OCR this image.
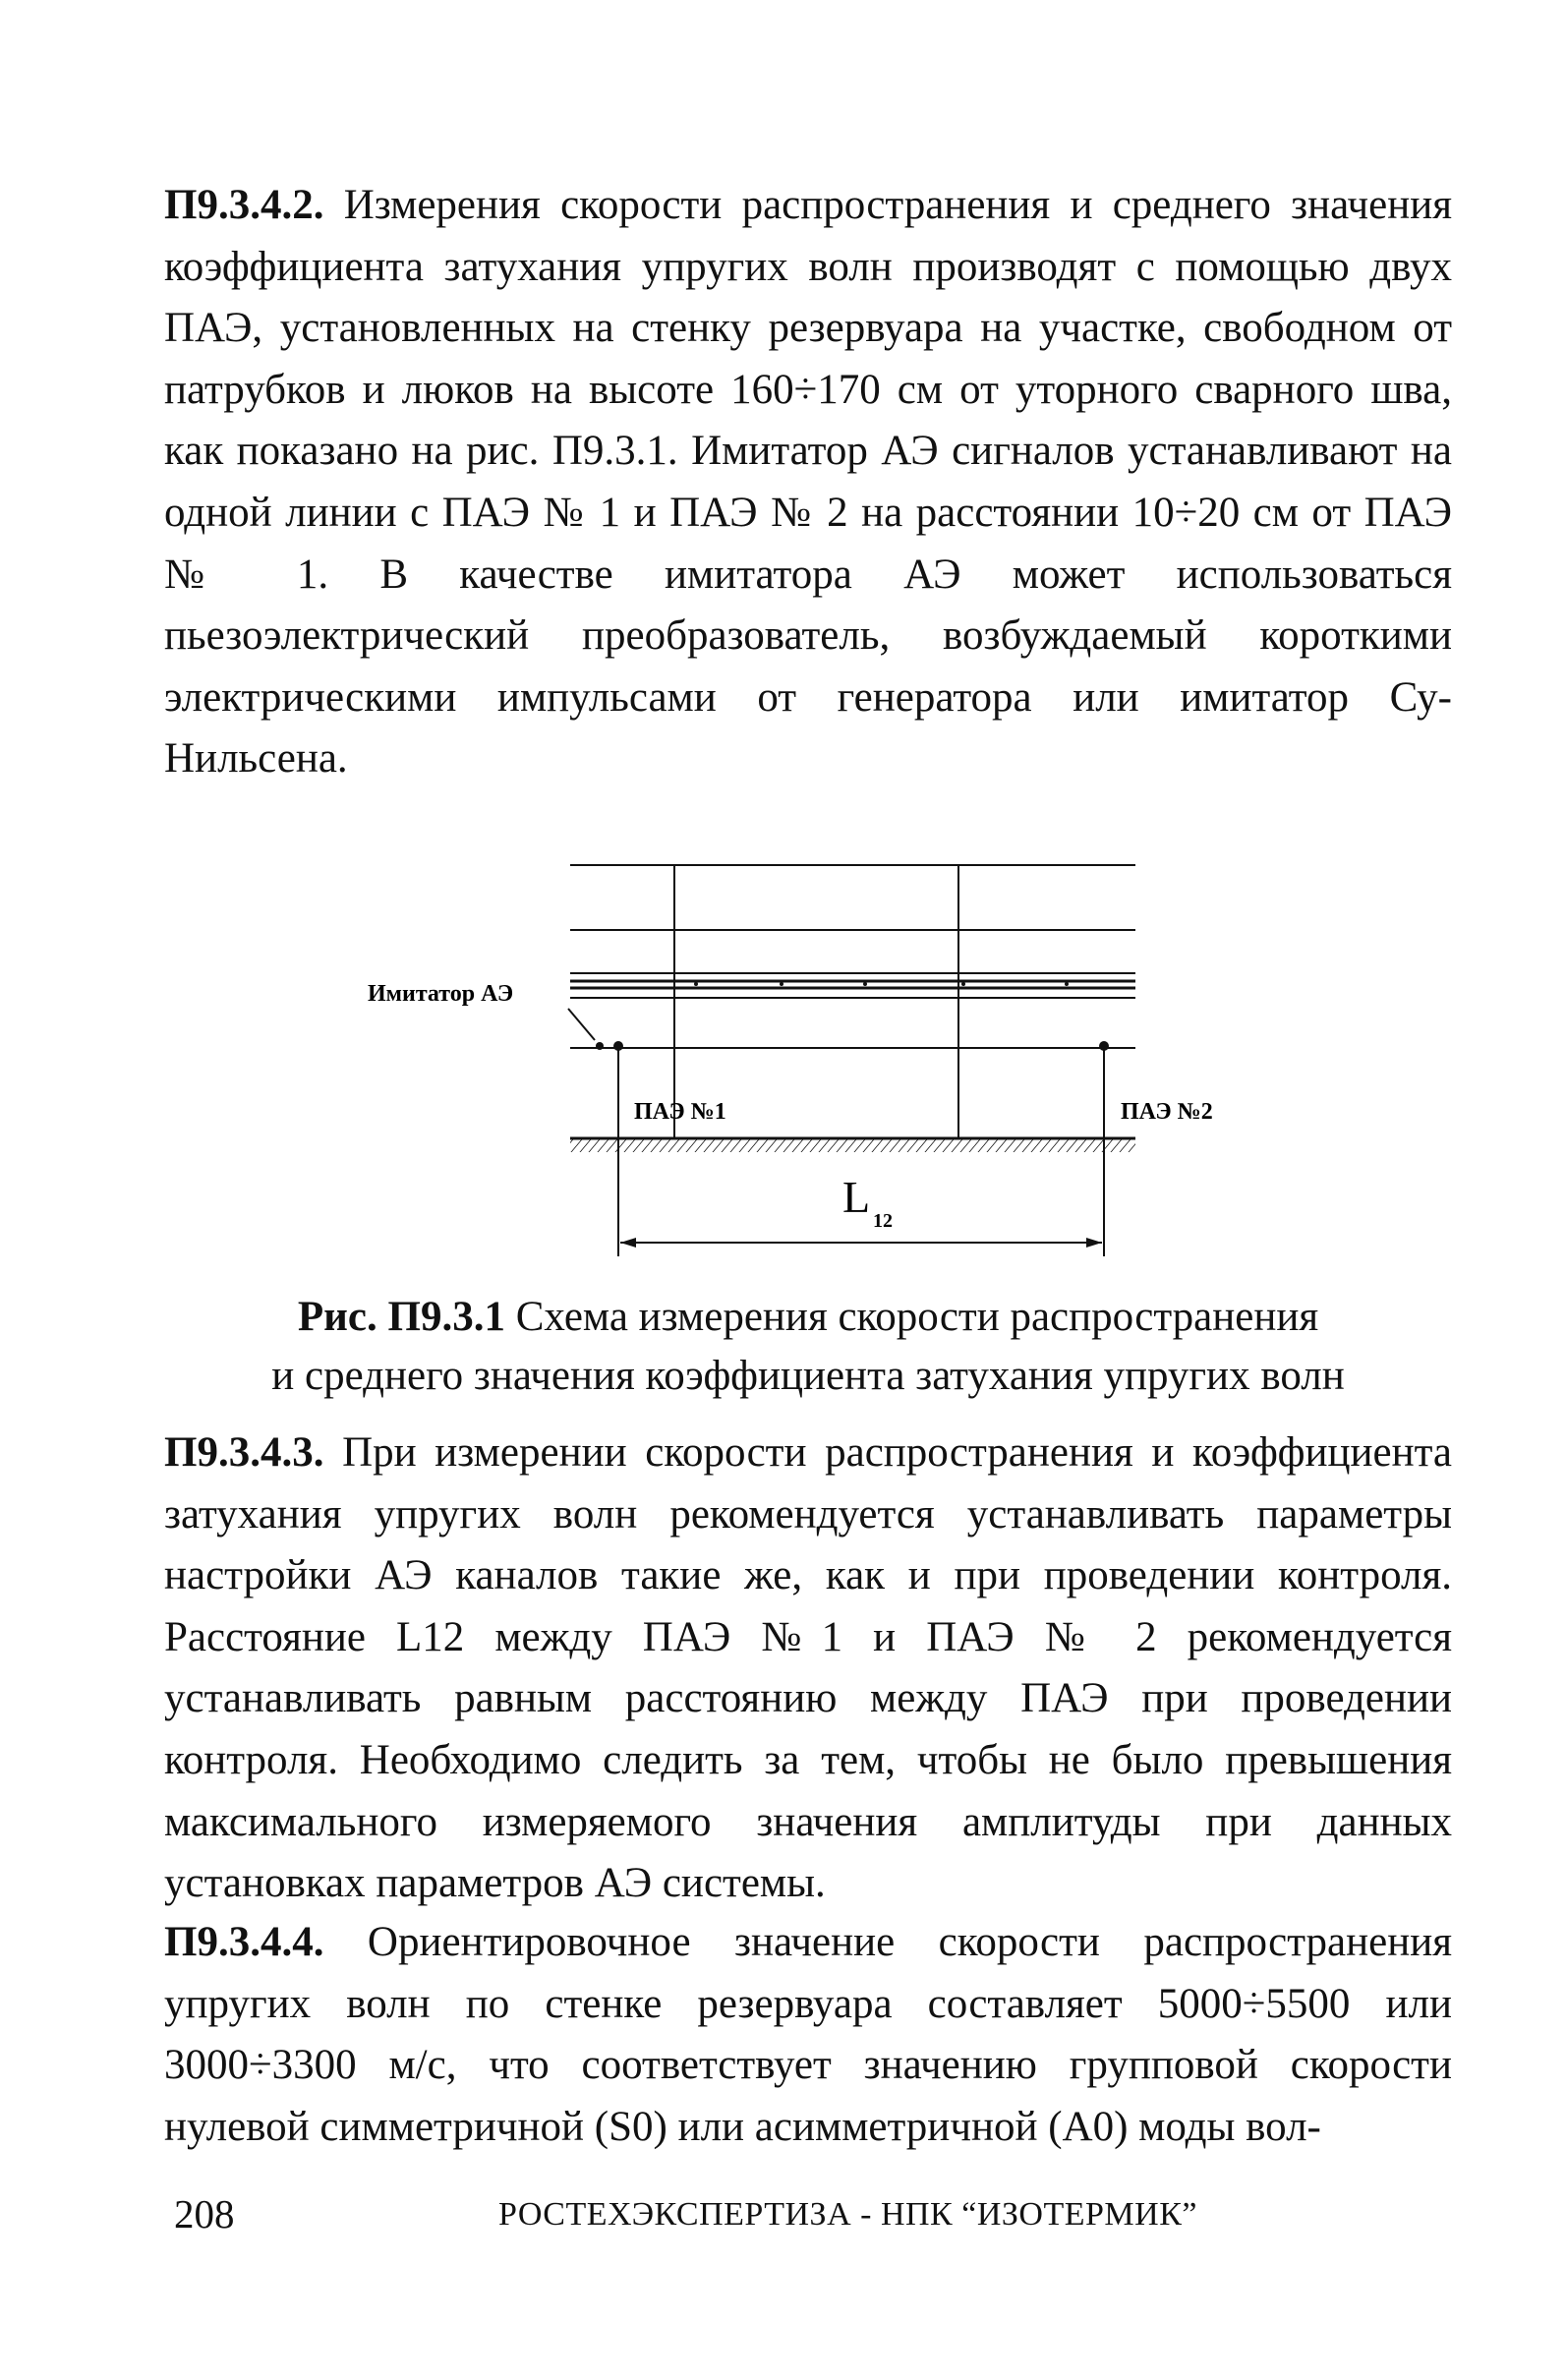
П9.3.4.2. Измерения скорости распространения и среднего значения коэффициента затухания упругих волн производят с помощью двух ПАЭ, установленных на стенку резервуара на участке, свободном от патрубков и люков на высоте 160÷170 см от уторного сварного шва, как показано на рис. П9.3.1. Имитатор АЭ сигналов устанавливают на одной линии с ПАЭ № 1 и ПАЭ № 2 на расстоянии 10÷20 см от ПАЭ № 1. В качестве имитатора АЭ может использоваться пьезоэлектрический преобразователь, возбуждаемый короткими электрическими импульсами от генератора или имитатор Су-Нильсена.

Имитатор АЭ
ПАЭ №1	ПАЭ №2
L 12

Рис. П9.3.1 Схема измерения скорости распространения
и среднего значения коэффициента затухания упругих волн

П9.3.4.3. При измерении скорости распространения и коэффициента затухания упругих волн рекомендуется устанавливать параметры настройки АЭ каналов такие же, как и при проведении контроля. Расстояние L12 между ПАЭ №1 и ПАЭ № 2 рекомендуется устанавливать равным расстоянию между ПАЭ при проведении контроля. Необходимо следить за тем, чтобы не было превышения максимального измеряемого значения амплитуды при данных установках параметров АЭ системы.

П9.3.4.4. Ориентировочное значение скорости распространения упругих волн по стенке резервуара составляет 5000÷5500 или 3000÷3300 м/с, что соответствует значению групповой скорости нулевой симметричной (S0) или асимметричной (A0) моды вол-

208	РОСТЕХЭКСПЕРТИЗА - НПК “ИЗОТЕРМИК”
